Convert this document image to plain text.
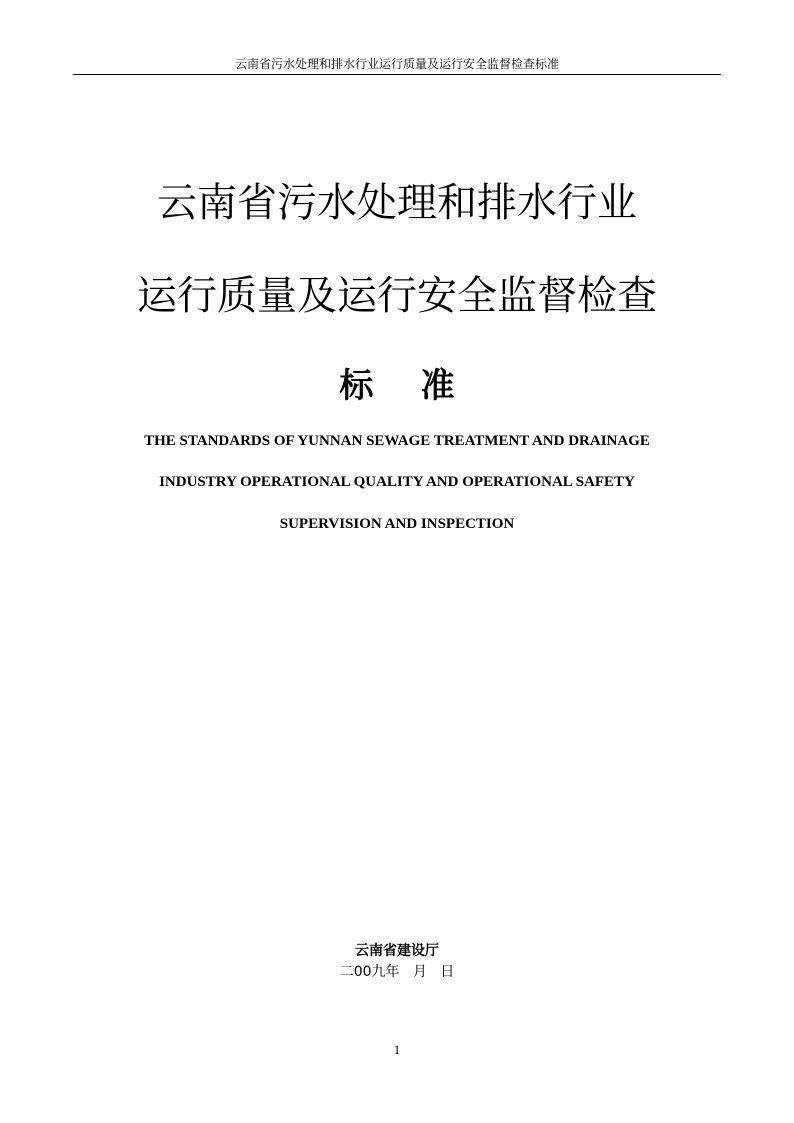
云南省污水处理和排水行业运行质量及运行安全监督检查标准
云南省污水处理和排水行业
运行质量及运行安全监督检查
标    准
THE STANDARDS OF YUNNAN SEWAGE TREATMENT AND DRAINAGE
INDUSTRY OPERATIONAL QUALITY AND OPERATIONAL SAFETY
SUPERVISION AND INSPECTION
云南省建设厅
二00九年   月   日
1
